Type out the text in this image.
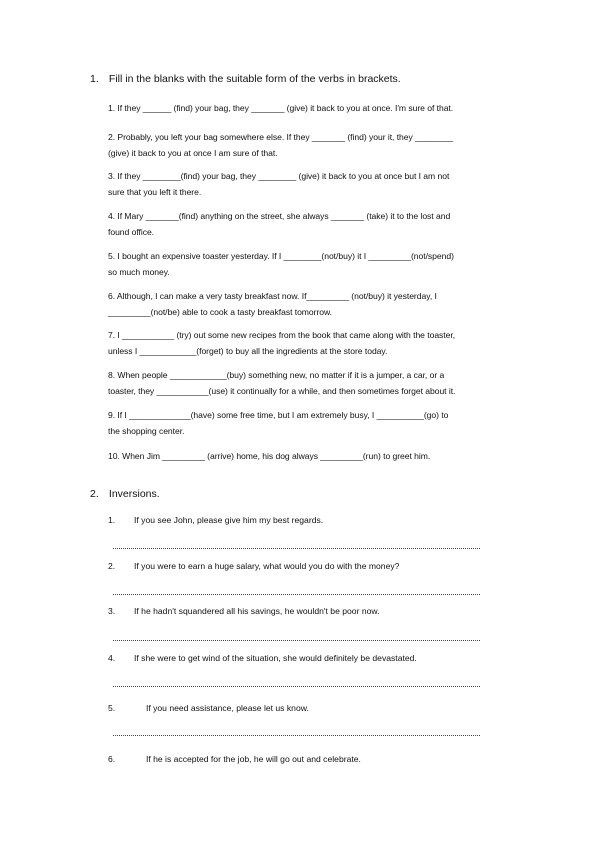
1. Fill in the blanks with the suitable form of the verbs in brackets.
1. If they ______ (find) your bag, they _______ (give) it back to you at once. I'm sure of that.
2. Probably, you left your bag somewhere else. If they _______ (find) your it, they ________
(give) it back to you at once I am sure of that.
3. If they ________(find) your bag, they ________ (give) it back to you at once but I am not
sure that you left it there.
4. If Mary _______(find) anything on the street, she always _______ (take) it to the lost and
found office.
5. I bought an expensive toaster yesterday. If I ________(not/buy) it I _________(not/spend)
so much money.
6. Although, I can make a very tasty breakfast now. If_________ (not/buy) it yesterday, I
_________(not/be) able to cook a tasty breakfast tomorrow.
7. I ___________ (try) out some new recipes from the book that came along with the toaster,
unless I ____________(forget) to buy all the ingredients at the store today.
8. When people ____________(buy) something new, no matter if it is a jumper, a car, or a
toaster, they ___________(use) it continually for a while, and then sometimes forget about it.
9. If I _____________(have) some free time, but I am extremely busy, I __________(go) to
the shopping center.
10. When Jim _________ (arrive) home, his dog always _________(run) to greet him.
2. Inversions.
1. If you see John, please give him my best regards.
2. If you were to earn a huge salary, what would you do with the money?
3. If he hadn't squandered all his savings, he wouldn't be poor now.
4. If she were to get wind of the situation, she would definitely be devastated.
5.     If you need assistance, please let us know.
6.     If he is accepted for the job, he will go out and celebrate.
